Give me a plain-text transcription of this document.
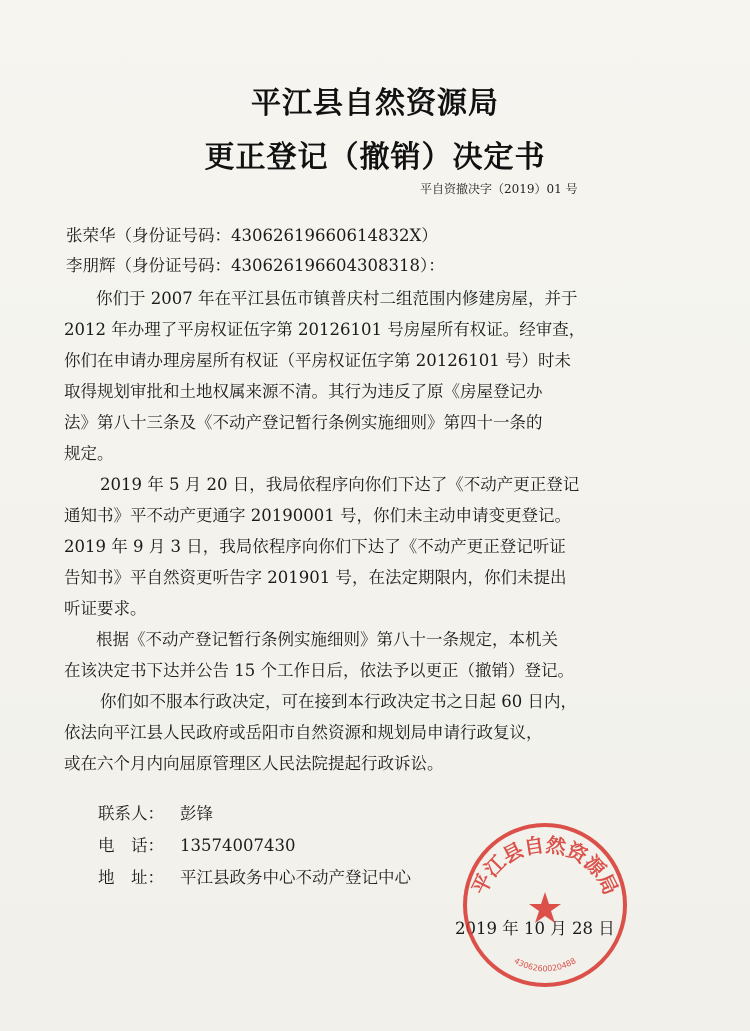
平江县自然资源局
更正登记（撤销）决定书
平自资撤决字（2019）01 号
张荣华（身份证号码：43062619660614832X）
李朋辉（身份证号码：430626196604308318）：
你们于 2007 年在平江县伍市镇普庆村二组范围内修建房屋，并于
2012 年办理了平房权证伍字第 20126101 号房屋所有权证。经审查，
你们在申请办理房屋所有权证（平房权证伍字第 20126101 号）时未
取得规划审批和土地权属来源不清。其行为违反了原《房屋登记办
法》第八十三条及《不动产登记暂行条例实施细则》第四十一条的
规定。
2019 年 5 月 20 日，我局依程序向你们下达了《不动产更正登记
通知书》平不动产更通字 20190001 号，你们未主动申请变更登记。
2019 年 9 月 3 日，我局依程序向你们下达了《不动产更正登记听证
告知书》平自然资更听告字 201901 号，在法定期限内，你们未提出
听证要求。
根据《不动产登记暂行条例实施细则》第八十一条规定，本机关
在该决定书下达并公告 15 个工作日后，依法予以更正（撤销）登记。
你们如不服本行政决定，可在接到本行政决定书之日起 60 日内，
依法向平江县人民政府或岳阳市自然资源和规划局申请行政复议，
或在六个月内向屈原管理区人民法院提起行政诉讼。
联系人： 彭锋
电　话： 13574007430
地　址： 平江县政务中心不动产登记中心
2019 年 10 月 28 日
平江县自然资源局
4306260020488
